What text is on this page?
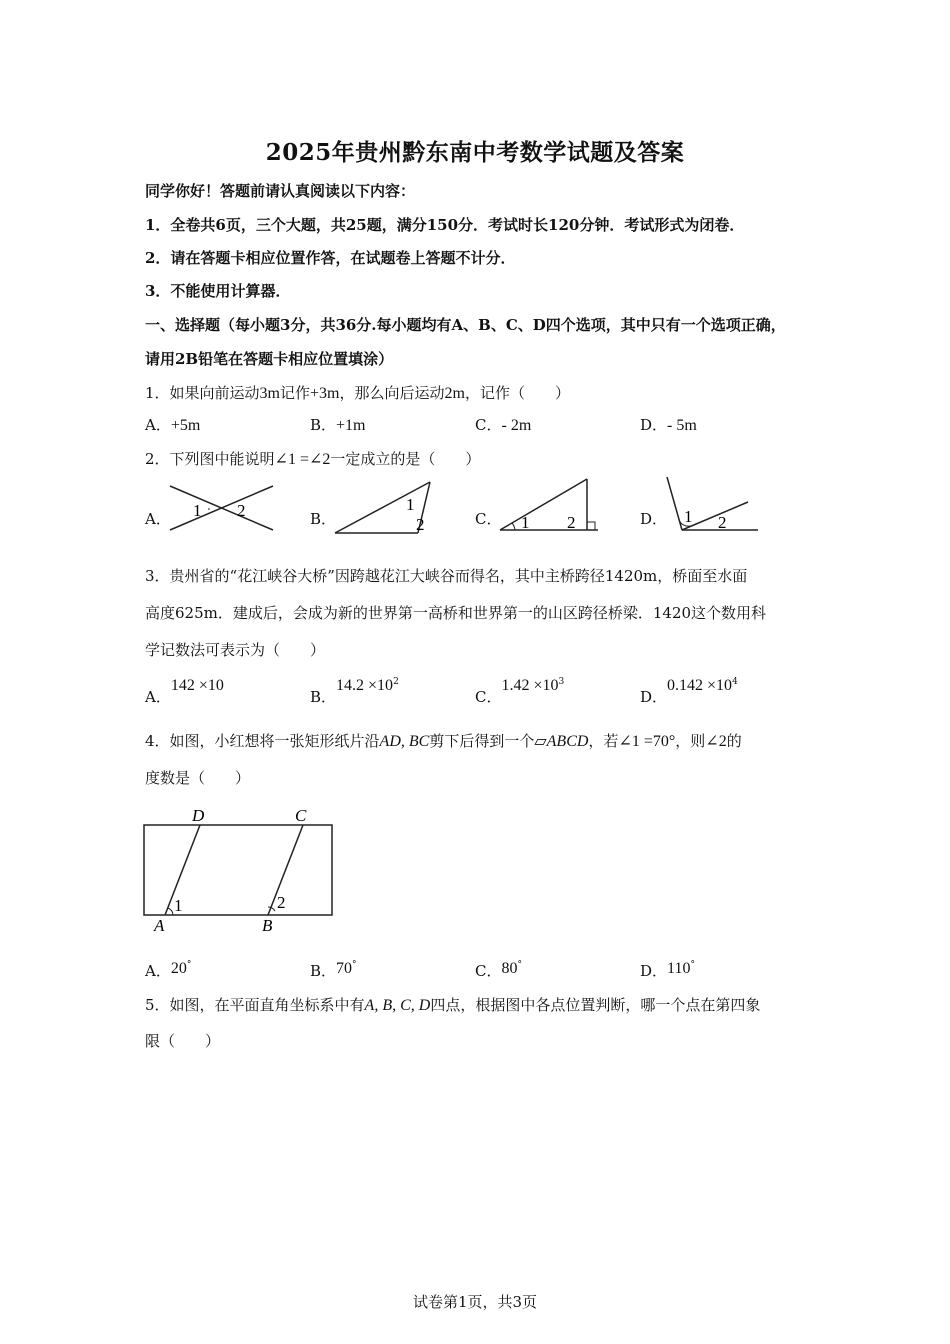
2025年贵州黔东南中考数学试题及答案
同学你好！答题前请认真阅读以下内容：
1．全卷共6页，三个大题，共25题，满分150分．考试时长120分钟．考试形式为闭卷．
2．请在答题卡相应位置作答，在试题卷上答题不计分．
3．不能使用计算器．
一、选择题（每小题3分，共36分.每小题均有A、B、C、D四个选项，其中只有一个选项正确，
请用2B铅笔在答题卡相应位置填涂）
1．如果向前运动3m记作+3m，那么向后运动2m，记作（　　）
A．+5m	B．+1m	C．- 2m	D．- 5m
2．下列图中能说明∠1 =∠2一定成立的是（　　）
A． 1 2	B．
1
2	C． 1 2	D． 1 2
3．贵州省的“花江峡谷大桥”因跨越花江大峡谷而得名，其中主桥跨径1420m，桥面至水面
高度625m．建成后，会成为新的世界第一高桥和世界第一的山区跨径桥梁．1420这个数用科
学记数法可表示为（　　）
A．142 ×10
B．$14.2 \times 10^2$
C．$1.42 \times 10^3$
D．$0.142 \times 10^4$
4．如图，小红想将一张矩形纸片沿AD, BC剪下后得到一个▱ABCD，若∠1 =70°，则∠2的
度数是（　　）
D	C
A	B
1	2
A．20°	B．70°	C．80°	D．110°
5．如图，在平面直角坐标系中有A, B, C, D四点，根据图中各点位置判断，哪一个点在第四象
限（　　）
试卷第1页，共3页
